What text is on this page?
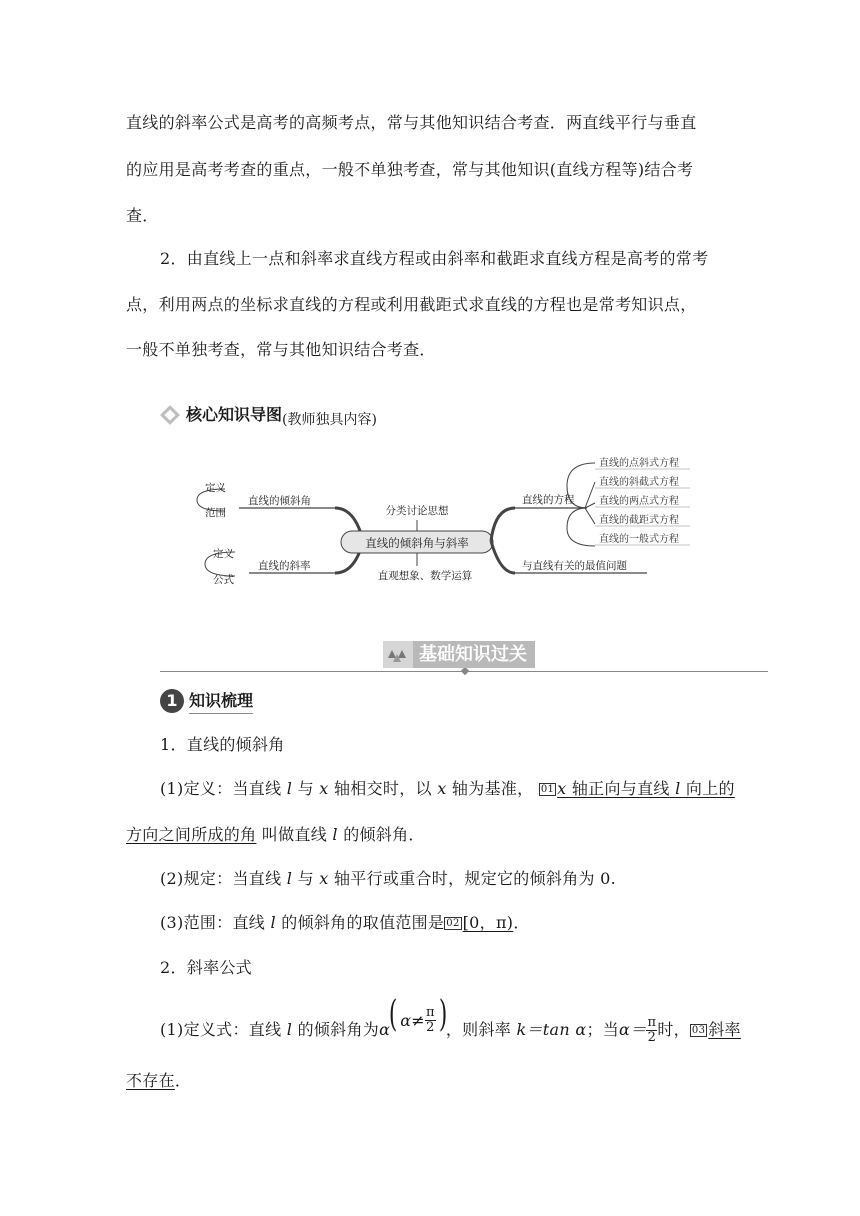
直线的斜率公式是高考的高频考点，常与其他知识结合考查．两直线平行与垂直
的应用是高考考查的重点，一般不单独考查，常与其他知识(直线方程等)结合考
查．
2．由直线上一点和斜率求直线方程或由斜率和截距求直线方程是高考的常考
点，利用两点的坐标求直线的方程或利用截距式求直线的方程也是常考知识点，
一般不单独考查，常与其他知识结合考查．
核心知识导图 (教师独具内容)
直线的倾斜角与斜率
分类讨论思想
直观想象、数学运算
定义
范围
定义
公式
直线的倾斜角
直线的斜率
直线的方程
与直线有关的最值问题
直线的点斜式方程
直线的斜截式方程
直线的两点式方程
直线的截距式方程
直线的一般式方程
基础知识过关
1 知识梳理
1．直线的倾斜角
(1)定义：当直线 l 与 x 轴相交时，以 x 轴为基准， 01 x 轴正向与直线 l 向上的
方向之间所成的角 叫做直线 l 的倾斜角．
(2)规定：当直线 l 与 x 轴平行或重合时，规定它的倾斜角为 0.
(3)范围：直线 l 的倾斜角的取值范围是 02 [0，π)．
2．斜率公式
(1)定义式：直线 l 的倾斜角为α
( α≠ π
2 )
，则斜率 k＝tan α；当$\alpha= \frac{\pi}{2}$ 时， 03 斜率
不存在．
